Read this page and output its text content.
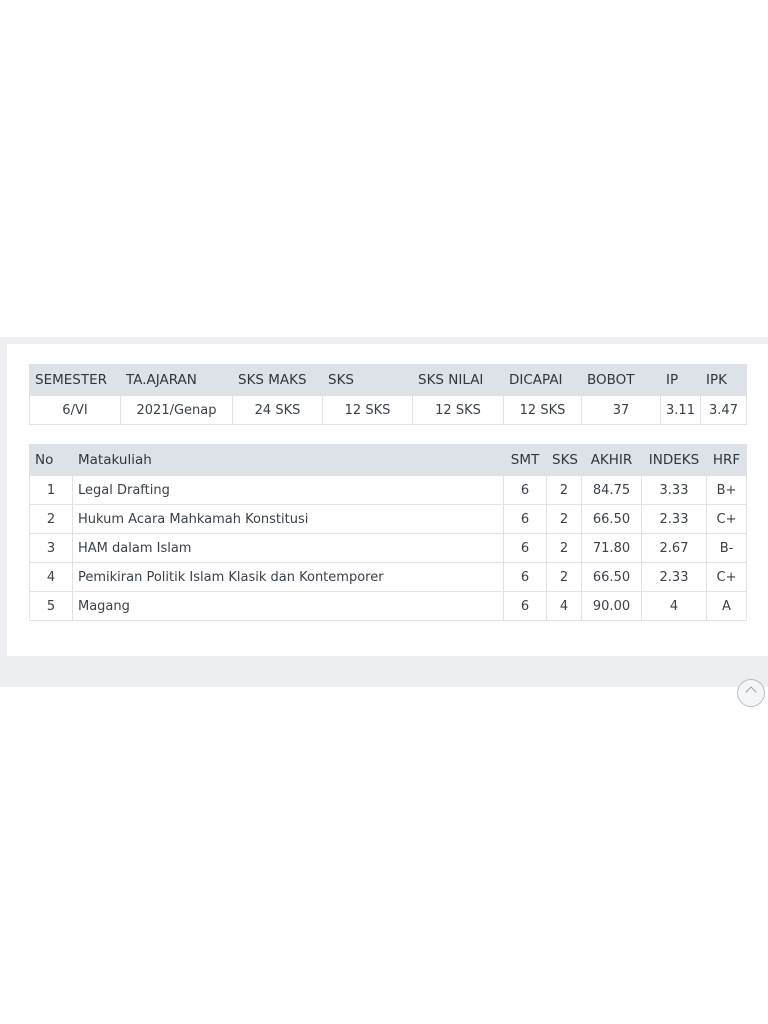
SEMESTER	TA.AJARAN	SKS MAKS	SKS	SKS NILAI	DICAPAI	BOBOT	IP	IPK
6/VI	2021/Genap	24 SKS	12 SKS	12 SKS	12 SKS	37	3.11	3.47
No	Matakuliah	SMT	SKS	AKHIR	INDEKS	HRF
1	Legal Drafting	6	2	84.75	3.33	B+
2	Hukum Acara Mahkamah Konstitusi	6	2	66.50	2.33	C+
3	HAM dalam Islam	6	2	71.80	2.67	B-
4	Pemikiran Politik Islam Klasik dan Kontemporer	6	2	66.50	2.33	C+
5	Magang	6	4	90.00	4	A
